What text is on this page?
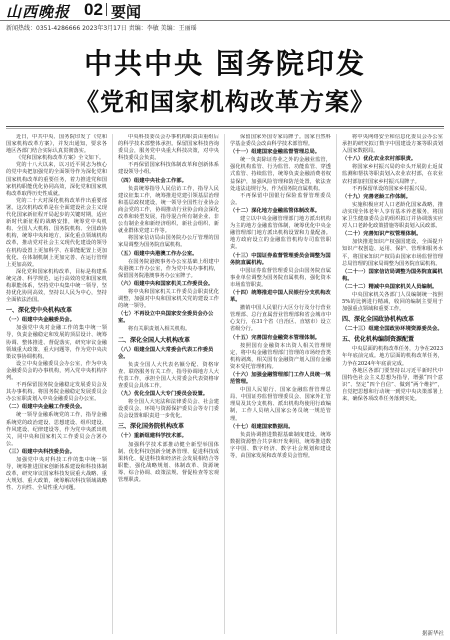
山西晚报 02 要闻
新闻热线：0351-4286666 2023年3月17日 责编：李敏 美编：王丽瑶
中共中央 国务院印发
《党和国家机构改革方案》

近日，中共中央、国务院印发了《党和国家机构改革方案》，并发出通知，要求各地区各部门结合实际认真贯彻落实。

《党和国家机构改革方案》全文如下。

党的十八大以来，以习近平同志为核心的党中央把加强党的全面领导作为深化党和国家机构改革的重要任务，着力推进党和国家机构职能优化协同高效，深化党和国家机构改革取得历史性成就。

党的二十大对深化机构改革作出重要部署。这次机构改革是在全面建设社会主义现代化国家新征程开局起步的关键时期，适应新时代新征程的战略安排，统筹党中央机构、全国人大机构、国务院机构、全国政协机构，统筹中央和地方，深化重点领域机构改革，推动党对社会主义现代化建设的领导在机构设置上更加科学、在职能配置上更加优化、在体制机制上更加完善、在运行管理上更加高效。

深化党和国家机构改革，目标是构建系统完备、科学规范、运行高效的党和国家机构职能体系，坚持党中央集中统一领导，坚持优化协同高效，坚持以人民为中心，坚持全面依法治国。

一、深化党中央机构改革
（一）组建中央金融委员会。

加强党中央对金融工作的集中统一领导，负责金融稳定和发展的顶层设计、统筹协调、整体推进、督促落实，研究审议金融领域重大政策、重大问题等，作为党中央决策议事协调机构。

设立中央金融委员会办公室，作为中央金融委员会的办事机构，列入党中央机构序列。

不再保留国务院金融稳定发展委员会及其办事机构。将国务院金融稳定发展委员会办公室职责划入中央金融委员会办公室。

（二）组建中央金融工作委员会。

统一领导金融系统党的工作，指导金融系统党的政治建设、思想建设、组织建设、作风建设、纪律建设等，作为党中央派出机关，同中央和国家机关工作委员会合署办公。

（三）组建中央科技委员会。

加强党中央对科技工作的集中统一领导，统筹推进国家创新体系建设和科技体制改革，研究审议国家科技发展重大战略、重大规划、重大政策，统筹解决科技领域战略性、方向性、全局性重大问题。

中央科技委员会办事机构职责由重组后的科学技术部整体承担。保留国家科技咨询委员会，服务党中央重大科技决策，对中央科技委员会负责。

不再保留国家科技体制改革和创新体系建设领导小组。

（四）组建中央社会工作部。

负责统筹指导人民信访工作，指导人民建议征集工作，统筹推进党建引领基层治理和基层政权建设，统一领导全国性行业协会商会党的工作，协调推动行业协会商会深化改革和转型发展，指导混合所有制企业、非公有制企业和新经济组织、新社会组织、新就业群体党建工作等。

将国家信访局由国务院办公厅管理的国家局调整为国务院直属机构。

（五）组建中央港澳工作办公室。

在国务院港澳事务办公室基础上组建中央港澳工作办公室，作为党中央办事机构，保留国务院港澳事务办公室牌子。

（六）组建中央和国家机关工作委员会。

将中央和国家机关工作委员会职责优化调整，加强对中央和国家机关党的建设工作的统一领导。

（七）不再设立中央国家安全委员会办公室。

将有关职责划入相关机构。

二、深化全国人大机构改革
（八）组建全国人大常委会代表工作委员会。

负责全国人大代表名额分配、资格审查、联络服务有关工作，指导协调地方人大代表工作，承担全国人大常委会代表资格审查委员会具体工作。

（九）优化全国人大专门委员会设置。

将全国人大宪法和法律委员会、社会建设委员会、环境与资源保护委员会等专门委员会设置和职责进一步优化。

三、深化国务院机构改革
（十）重新组建科学技术部。

加强科学技术部推动健全新型举国体制、优化科技创新全链条管理、促进科技成果转化、促进科技和经济社会发展相结合等职能，强化战略规划、体制改革、资源统筹、综合协调、政策法规、督促检查等宏观管理职责。

保留国家外国专家局牌子。国家自然科学基金委员会改由科学技术部管理。

（十一）组建国家金融监督管理总局。

统一负责除证券业之外的金融业监管，强化机构监管、行为监管、功能监管、穿透式监管、持续监管，统筹负责金融消费者权益保护，加强风险管理和防范处置，依法查处违法违规行为，作为国务院直属机构。

不再保留中国银行保险监督管理委员会。

（十二）深化地方金融监管体制改革。

建立以中央金融管理部门地方派出机构为主的地方金融监管体制，统筹优化中央金融管理部门地方派出机构设置和力量配备。地方政府设立的金融监管机构专司监管职责。

（十三）中国证券监督管理委员会调整为国务院直属机构。

中国证券监督管理委员会由国务院直属事业单位调整为国务院直属机构，强化资本市场监管职责。

（十四）统筹推进中国人民银行分支机构改革。

撤销中国人民银行大区分行及分行营业管理部、总行直属营业管理部和省会城市中心支行，在31个省（自治区、直辖市）设立省级分行。

（十五）完善国有金融资本管理体制。

按照国有金融资本出资人相关管理规定，将中央金融管理部门管理的市场经营类机构剥离，相关国有金融资产划入国有金融资本受托管理机构。

（十六）加强金融管理部门工作人员统一规范管理。

中国人民银行、国家金融监督管理总局、中国证券监督管理委员会、国家外汇管理局及其分支机构、派出机构均使用行政编制，工作人员纳入国家公务员统一规范管理。

（十七）组建国家数据局。

负责协调推进数据基础制度建设，统筹数据资源整合共享和开发利用，统筹推进数字中国、数字经济、数字社会规划和建设等，由国家发展和改革委员会管理。

将中央网络安全和信息化委员会办公室承担的研究拟订数字中国建设方案等职责划入国家数据局。

（十八）优化农业农村部职责。

将国家乡村振兴局的牵头开展防止返贫监测和帮扶等职责划入农业农村部，在农业农村部加挂国家乡村振兴局牌子。

不再保留单设的国家乡村振兴局。

（十九）完善老龄工作体制。

实施积极应对人口老龄化国家战略，推动实现全体老年人享有基本养老服务，将国家卫生健康委员会的组织拟订并协调落实应对人口老龄化政策措施等职责划入民政部。

（二十）完善知识产权管理体制。

加快推进知识产权强国建设，全面提升知识产权创造、运用、保护、管理和服务水平，将国家知识产权局由国家市场监督管理总局管理的国家局调整为国务院直属机构。

（二十一）国家信访局调整为国务院直属机构。
（二十二）精减中央国家机关人员编制。

中央国家机关各部门人员编制统一按照5%的比例进行精减，收回的编制主要用于加强重点领域和重要工作。

四、深化全国政协机构改革
（二十三）组建全国政协环境资源委员会。
五、优化机构编制资源配置

中央层面的机构改革任务，力争在2023年年底前完成。地方层面的机构改革任务，力争在2024年年底前完成。

各地区各部门要坚持以习近平新时代中国特色社会主义思想为指导，增强“四个意识”、坚定“四个自信”、做到“两个维护”，自觉把思想和行动统一到党中央决策部署上来，确保各项改革任务落到实处。

据新华社
